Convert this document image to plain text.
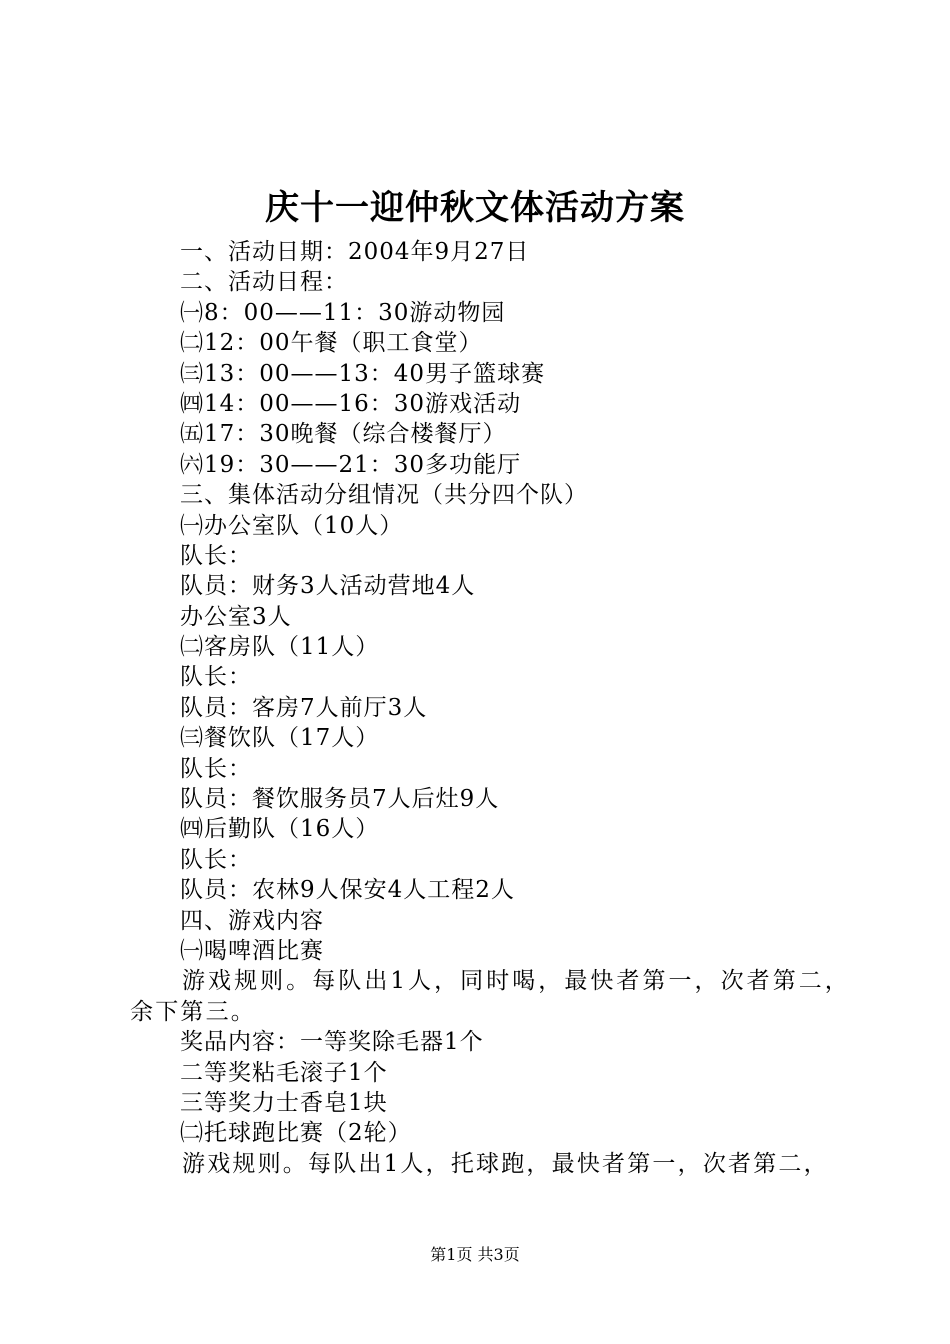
庆十一迎仲秋文体活动方案
一、活动日期：2004年9月27日
二、活动日程：
㈠8：00——11：30游动物园
㈡12：00午餐（职工食堂）
㈢13：00——13：40男子篮球赛
㈣14：00——16：30游戏活动
㈤17：30晚餐（综合楼餐厅）
㈥19：30——21：30多功能厅
三、集体活动分组情况（共分四个队）
㈠办公室队（10人）
队长：
队员：财务3人活动营地4人
办公室3人
㈡客房队（11人）
队长：
队员：客房7人前厅3人
㈢餐饮队（17人）
队长：
队员：餐饮服务员7人后灶9人
㈣后勤队（16人）
队长：
队员：农林9人保安4人工程2人
四、游戏内容
㈠喝啤酒比赛
游戏规则。每队出1人，同时喝，最快者第一，次者第二，余下第三。
奖品内容：一等奖除毛器1个
二等奖粘毛滚子1个
三等奖力士香皂1块
㈡托球跑比赛（2轮）
游戏规则。每队出1人，托球跑，最快者第一，次者第二，
第1页 共3页
